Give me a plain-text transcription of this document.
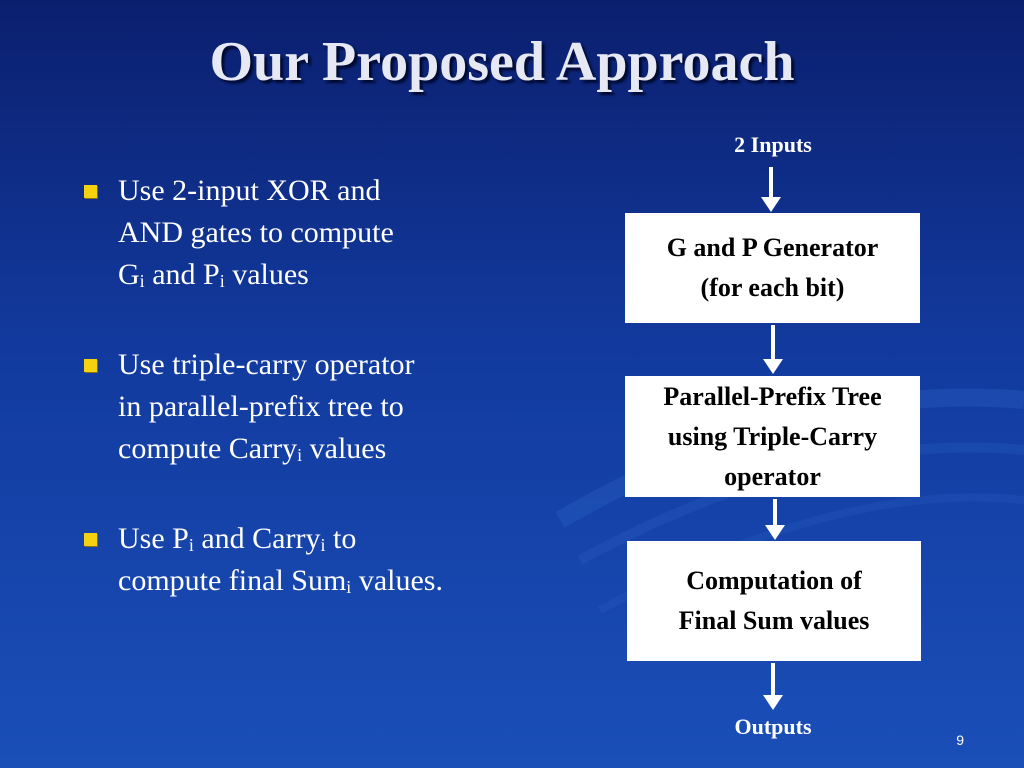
Our Proposed Approach
Use 2-input XOR and
AND gates to compute
$G_i$ and $P_i$ values
Use triple-carry operator
in parallel-prefix tree to
compute Carry$_i$ values
Use $P_i$ and Carry$_i$ to
compute final Sum$_i$ values.
2 Inputs
G and P Generator
(for each bit)
Parallel-Prefix Tree
using Triple-Carry
operator
Computation of
Final Sum values
Outputs
9
